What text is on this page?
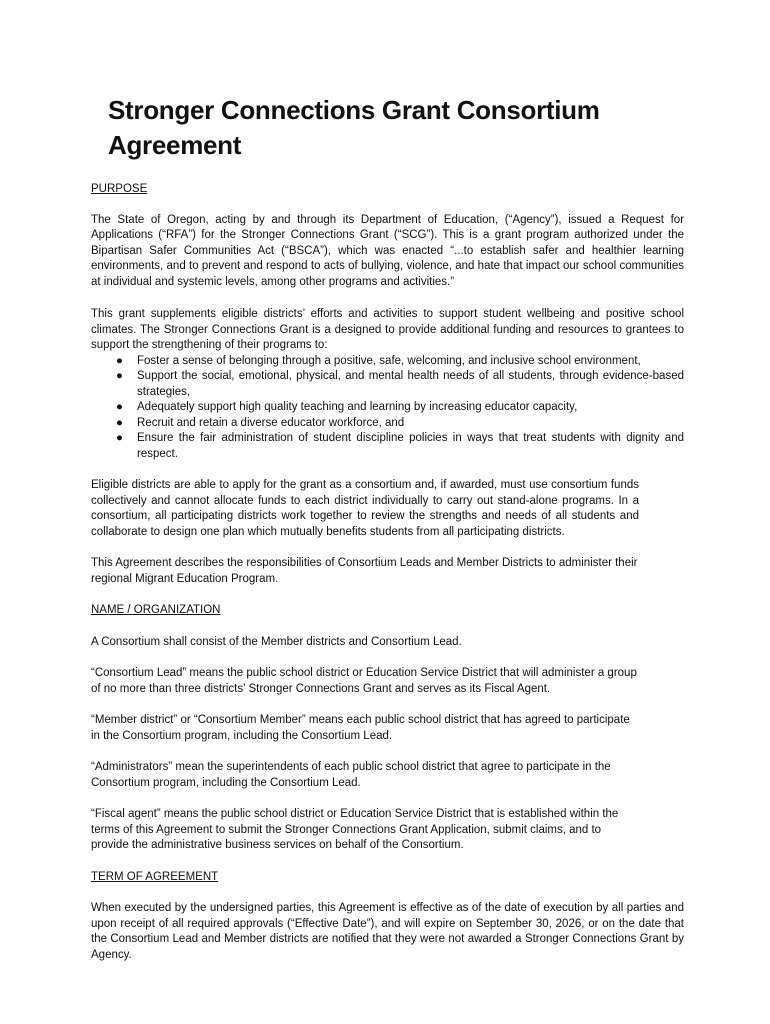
Stronger Connections Grant Consortium Agreement
PURPOSE

The State of Oregon, acting by and through its Department of Education, (“Agency”), issued a Request for Applications (“RFA”) for the Stronger Connections Grant (“SCG”). This is a grant program authorized under the Bipartisan Safer Communities Act (“BSCA”), which was enacted “...to establish safer and healthier learning environments, and to prevent and respond to acts of bullying, violence, and hate that impact our school communities at individual and systemic levels, among other programs and activities.”

This grant supplements eligible districts’ efforts and activities to support student wellbeing and positive school climates. The Stronger Connections Grant is a designed to provide additional funding and resources to grantees to support the strengthening of their programs to:

● Foster a sense of belonging through a positive, safe, welcoming, and inclusive school environment,
● Support the social, emotional, physical, and mental health needs of all students, through evidence-based strategies,
● Adequately support high quality teaching and learning by increasing educator capacity,
● Recruit and retain a diverse educator workforce, and
● Ensure the fair administration of student discipline policies in ways that treat students with dignity and respect.

Eligible districts are able to apply for the grant as a consortium and, if awarded, must use consortium funds collectively and cannot allocate funds to each district individually to carry out stand-alone programs. In a consortium, all participating districts work together to review the strengths and needs of all students and collaborate to design one plan which mutually benefits students from all participating districts.

This Agreement describes the responsibilities of Consortium Leads and Member Districts to administer their regional Migrant Education Program.

NAME / ORGANIZATION

A Consortium shall consist of the Member districts and Consortium Lead.

“Consortium Lead” means the public school district or Education Service District that will administer a group of no more than three districts’ Stronger Connections Grant and serves as its Fiscal Agent.

“Member district” or “Consortium Member” means each public school district that has agreed to participate in the Consortium program, including the Consortium Lead.

“Administrators” mean the superintendents of each public school district that agree to participate in the Consortium program, including the Consortium Lead.

“Fiscal agent” means the public school district or Education Service District that is established within the terms of this Agreement to submit the Stronger Connections Grant Application, submit claims, and to provide the administrative business services on behalf of the Consortium.

TERM OF AGREEMENT

When executed by the undersigned parties, this Agreement is effective as of the date of execution by all parties and upon receipt of all required approvals (“Effective Date”), and will expire on September 30, 2026, or on the date that the Consortium Lead and Member districts are notified that they were not awarded a Stronger Connections Grant by Agency.
